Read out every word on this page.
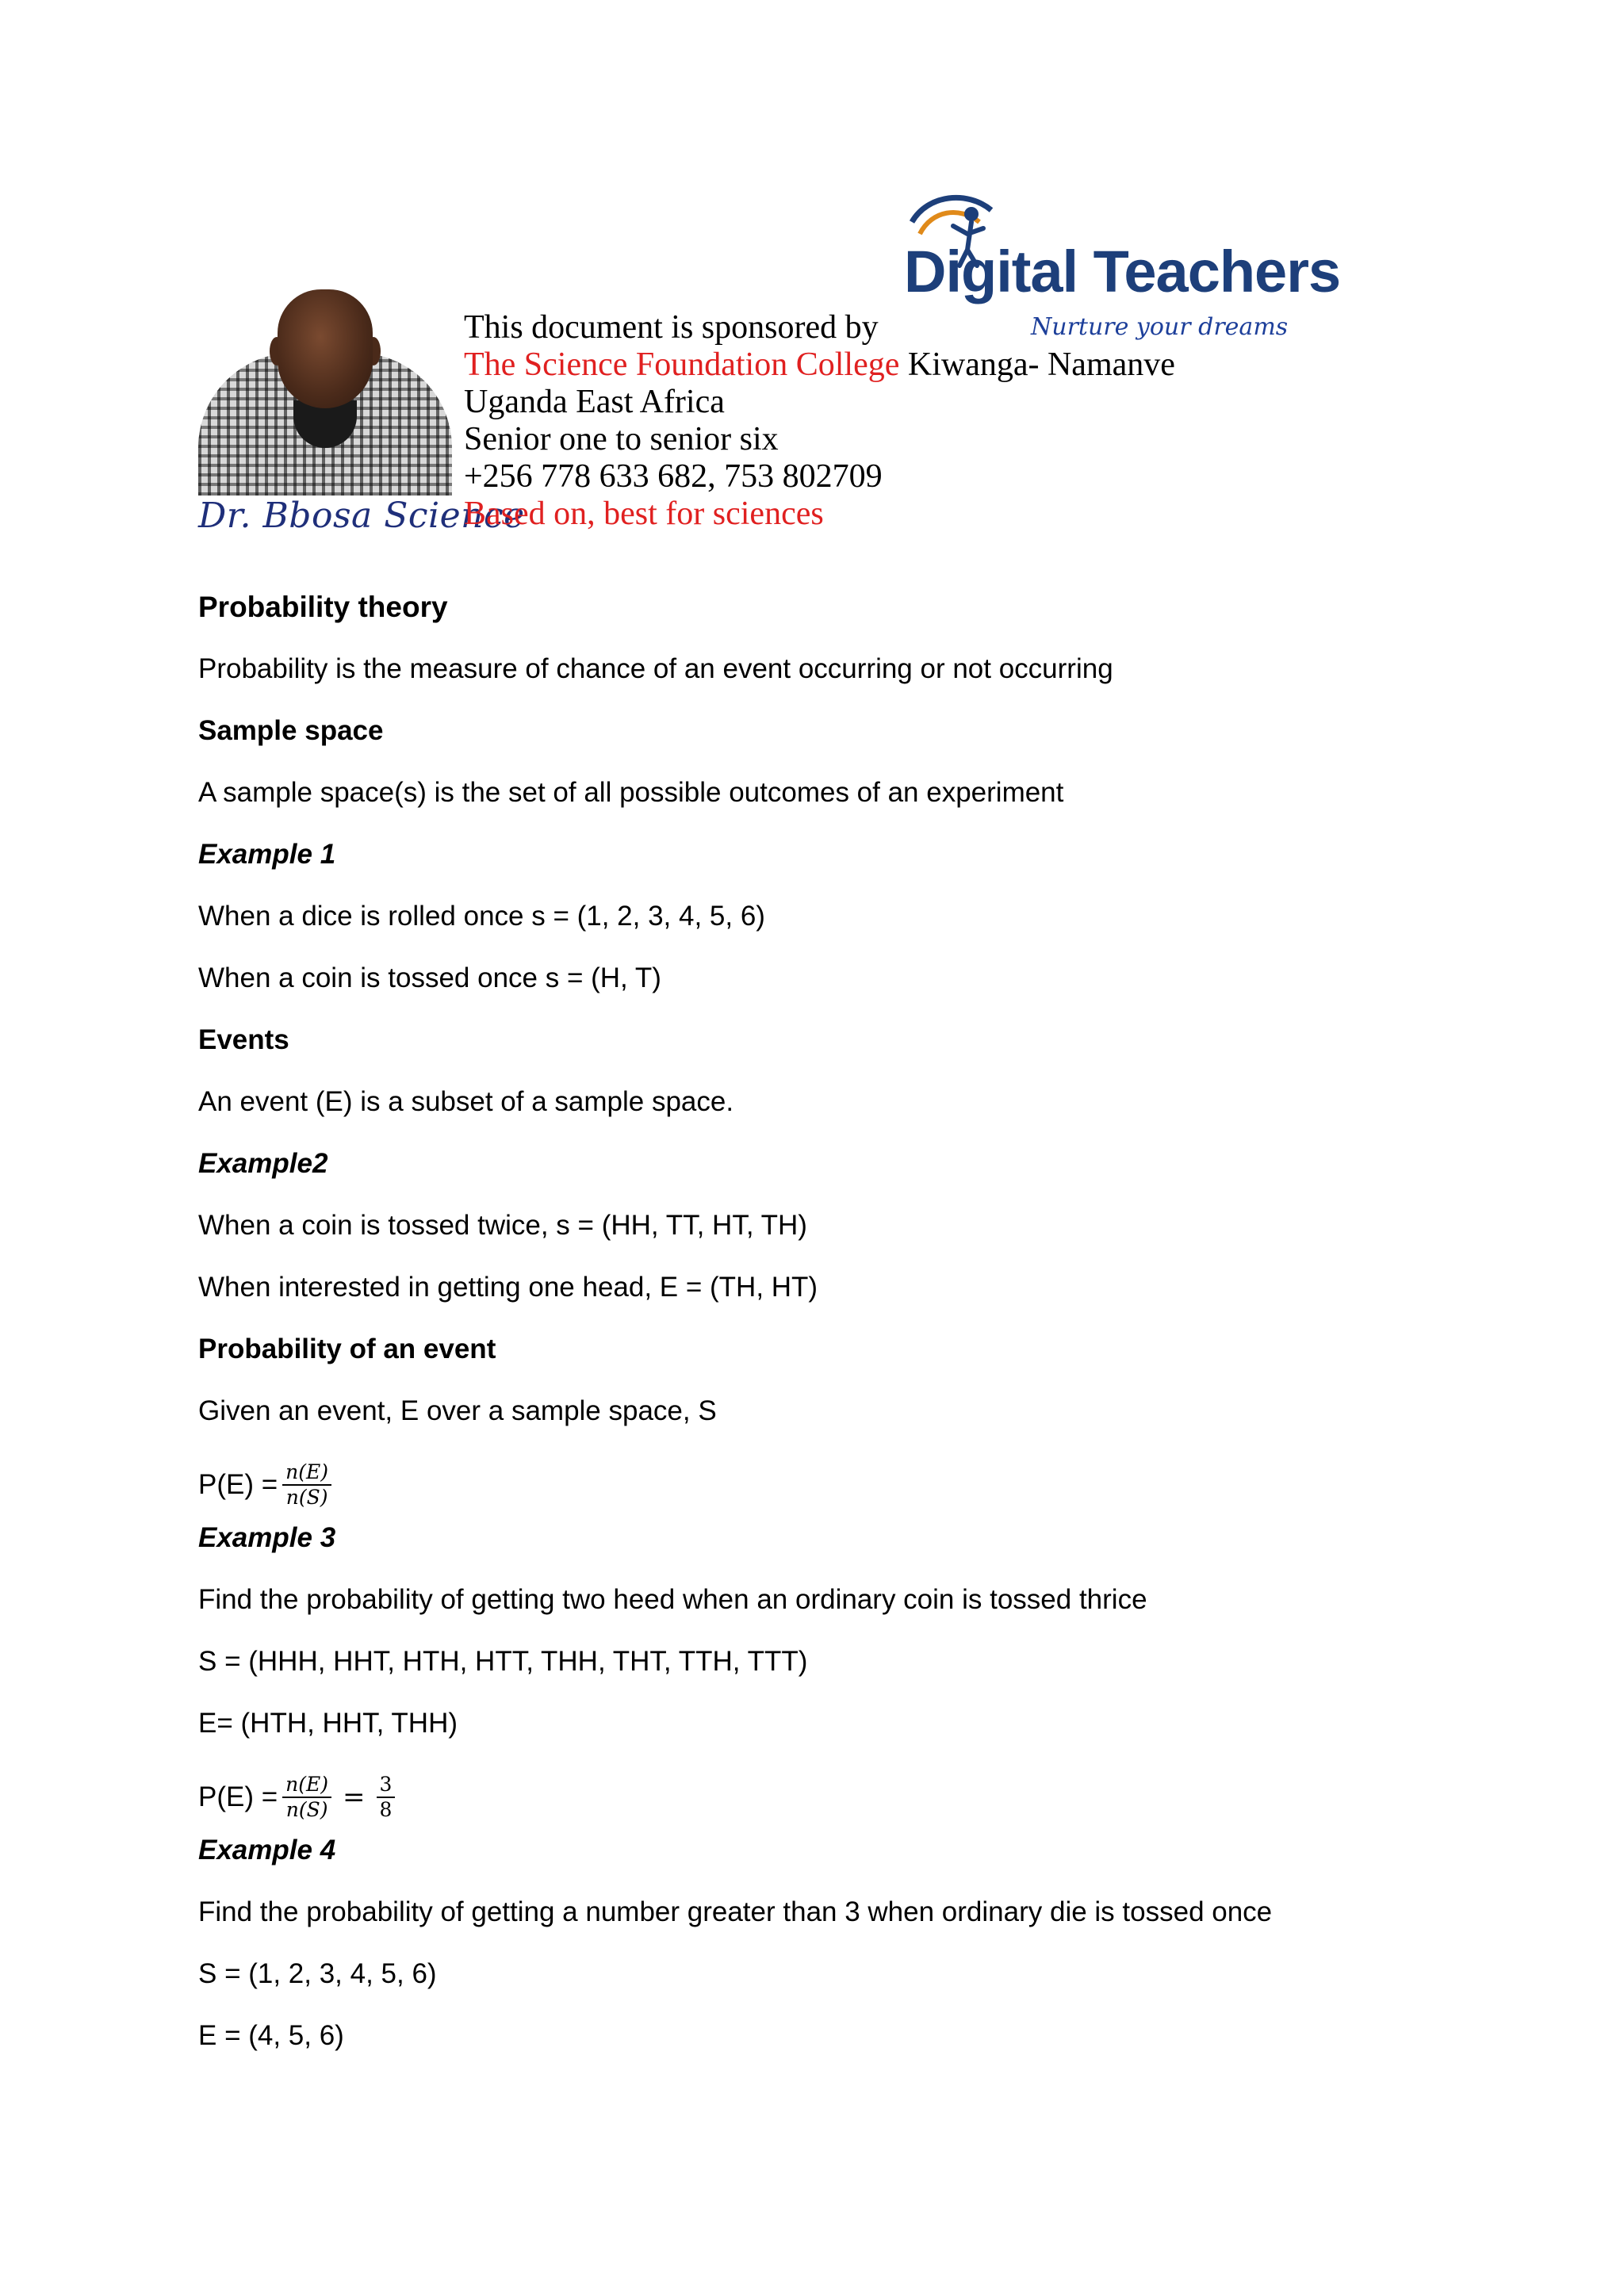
Dr. Bbosa Science
This document is sponsored by
The Science Foundation College Kiwanga- Namanve
Uganda East Africa
Senior one to senior six
+256 778 633 682, 753 802709
Based on, best for sciences
Digital Teachers
Nurture your dreams

Probability theory

Probability is the measure of chance of an event occurring or not occurring

Sample space

A sample space(s) is the set of all possible outcomes of an experiment

Example 1

When a dice is rolled once s = (1, 2, 3, 4, 5, 6)

When a coin is tossed once s = (H, T)

Events

An event (E) is a subset of a sample space.

Example2

When a coin is tossed twice, s = (HH, TT, HT, TH)

When interested in getting one head, E = (TH, HT)

Probability of an event

Given an event, E over a sample space, S

$P(E) = \frac{n(E)}{n(S)}$

Example 3

Find the probability of getting two heed when an ordinary coin is tossed thrice

S = (HHH, HHT, HTH, HTT, THH, THT, TTH, TTT)

E= (HTH, HHT, THH)

$P(E) = \frac{n(E)}{n(S)} = \frac{3}{8}$

Example 4

Find the probability of getting a number greater than 3 when ordinary die is tossed once

S = (1, 2, 3, 4, 5, 6)

E = (4, 5, 6)
